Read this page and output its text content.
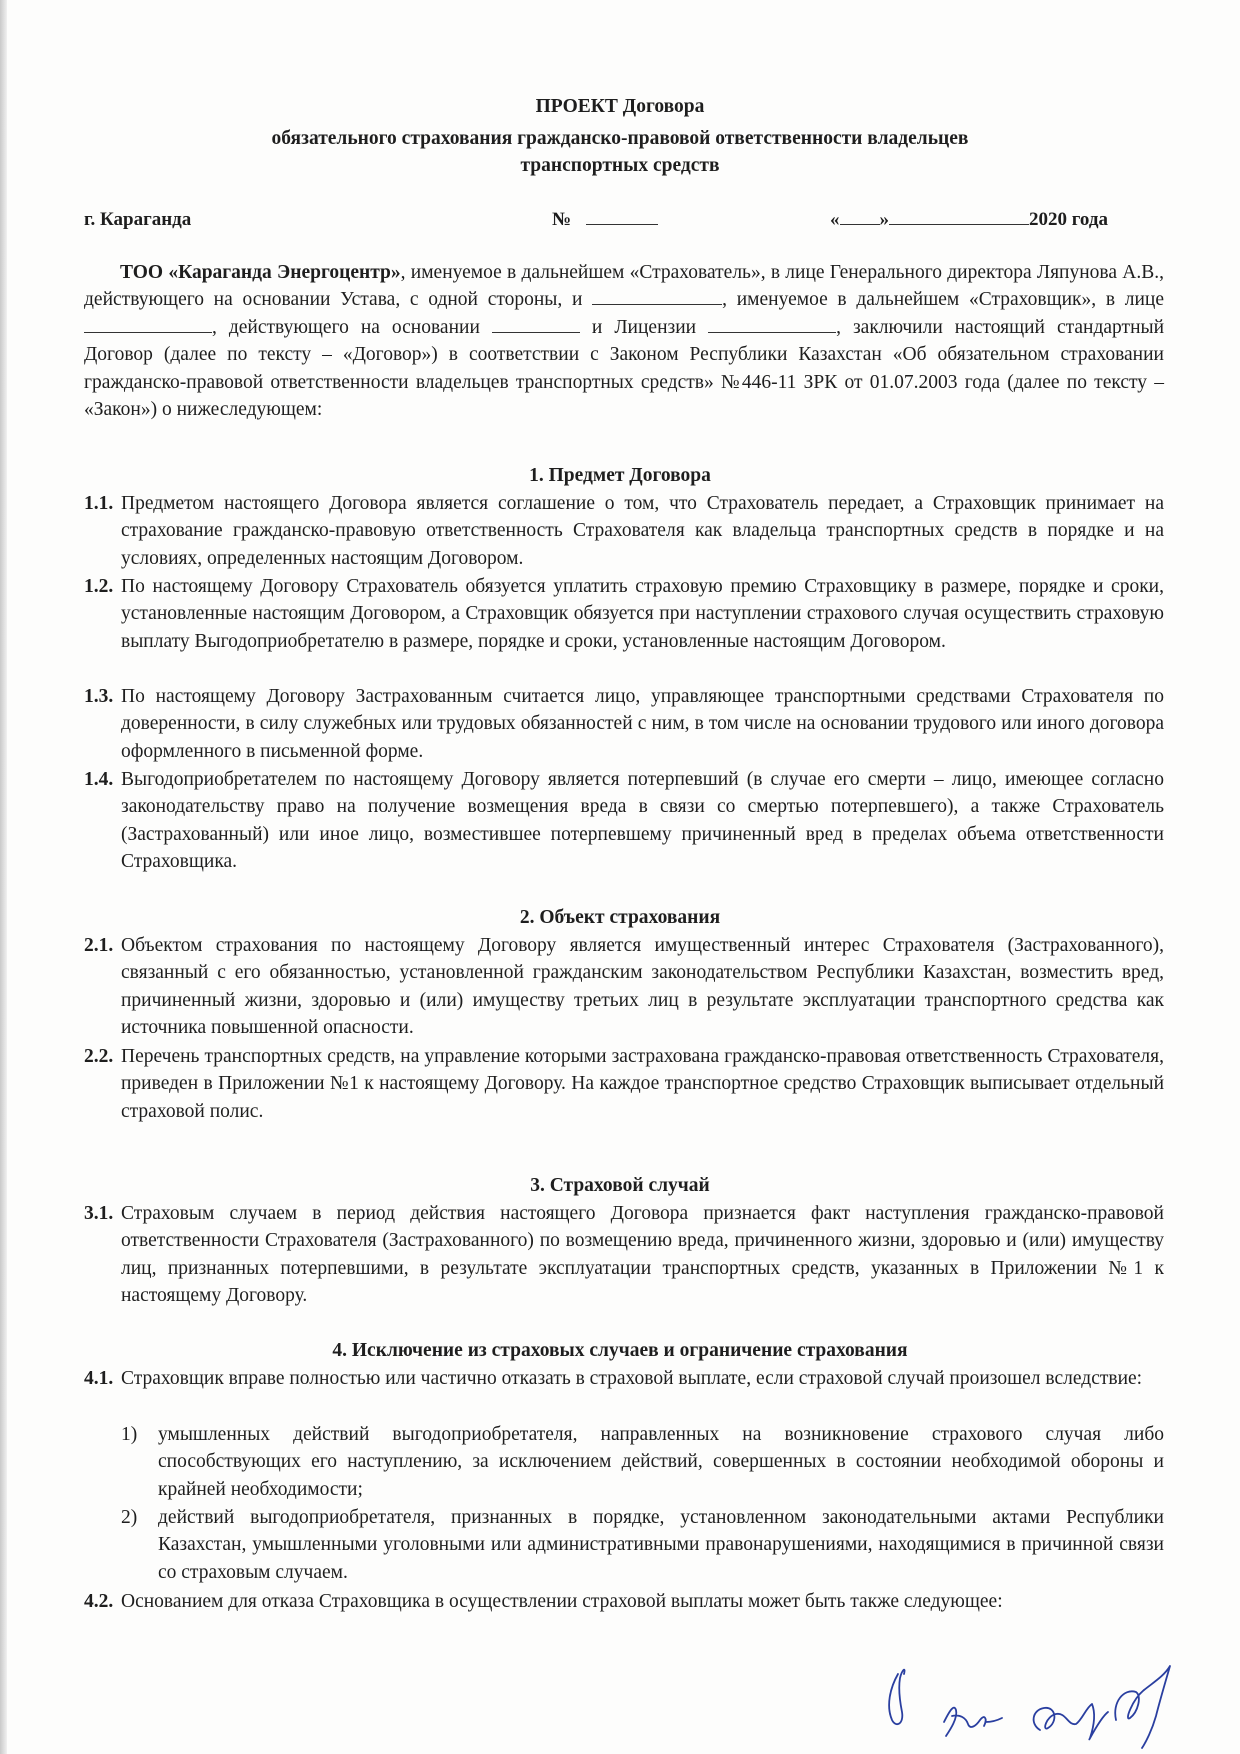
ПРОЕКТ Договора
обязательного страхования гражданско-правовой ответственности владельцев
транспортных средств
г. Караганда	№	« »	2020 года
ТОО «Караганда Энергоцентр», именуемое в дальнейшем «Страхователь», в лице Генерального директора Ляпунова А.В., действующего на основании Устава, с одной стороны, и	, именуемое в дальнейшем «Страховщик», в лице , действующего на основании	и Лицензии	, заключили настоящий стандартный Договор (далее по тексту – «Договор») в соответствии с Законом Республики Казахстан «Об обязательном страховании гражданско-правовой ответственности владельцев транспортных средств» №446-11 ЗРК от 01.07.2003 года (далее по тексту – «Закон») о нижеследующем:
1. Предмет Договора
1.1. Предметом настоящего Договора является соглашение о том, что Страхователь передает, а Страховщик принимает на страхование гражданско-правовую ответственность Страхователя как владельца транспортных средств в порядке и на условиях, определенных настоящим Договором.
1.2. По настоящему Договору Страхователь обязуется уплатить страховую премию Страховщику в размере, порядке и сроки, установленные настоящим Договором, а Страховщик обязуется при наступлении страхового случая осуществить страховую выплату Выгодоприобретателю в размере, порядке и сроки, установленные настоящим Договором.
1.3. По настоящему Договору Застрахованным считается лицо, управляющее транспортными средствами Страхователя по доверенности, в силу служебных или трудовых обязанностей с ним, в том числе на основании трудового или иного договора оформленного в письменной форме.
1.4. Выгодоприобретателем по настоящему Договору является потерпевший (в случае его смерти – лицо, имеющее согласно законодательству право на получение возмещения вреда в связи со смертью потерпевшего), а также Страхователь (Застрахованный) или иное лицо, возместившее потерпевшему причиненный вред в пределах объема ответственности Страховщика.
2. Объект страхования
2.1. Объектом страхования по настоящему Договору является имущественный интерес Страхователя (Застрахованного), связанный с его обязанностью, установленной гражданским законодательством Республики Казахстан, возместить вред, причиненный жизни, здоровью и (или) имуществу третьих лиц в результате эксплуатации транспортного средства как источника повышенной опасности.
2.2. Перечень транспортных средств, на управление которыми застрахована гражданско-правовая ответственность Страхователя, приведен в Приложении №1 к настоящему Договору. На каждое транспортное средство Страховщик выписывает отдельный страховой полис.
3. Страховой случай
3.1. Страховым случаем в период действия настоящего Договора признается факт наступления гражданско-правовой ответственности Страхователя (Застрахованного) по возмещению вреда, причиненного жизни, здоровью и (или) имуществу лиц, признанных потерпевшими, в результате эксплуатации транспортных средств, указанных в Приложении №1 к настоящему Договору.
4. Исключение из страховых случаев и ограничение страхования
4.1. Страховщик вправе полностью или частично отказать в страховой выплате, если страховой случай произошел вследствие:
1)	умышленных действий выгодоприобретателя, направленных на возникновение страхового случая либо способствующих его наступлению, за исключением действий, совершенных в состоянии необходимой обороны и крайней необходимости;
2)	действий выгодоприобретателя, признанных в порядке, установленном законодательными актами Республики Казахстан, умышленными уголовными или административными правонарушениями, находящимися в причинной связи со страховым случаем.
4.2. Основанием для отказа Страховщика в осуществлении страховой выплаты может быть также следующее:
